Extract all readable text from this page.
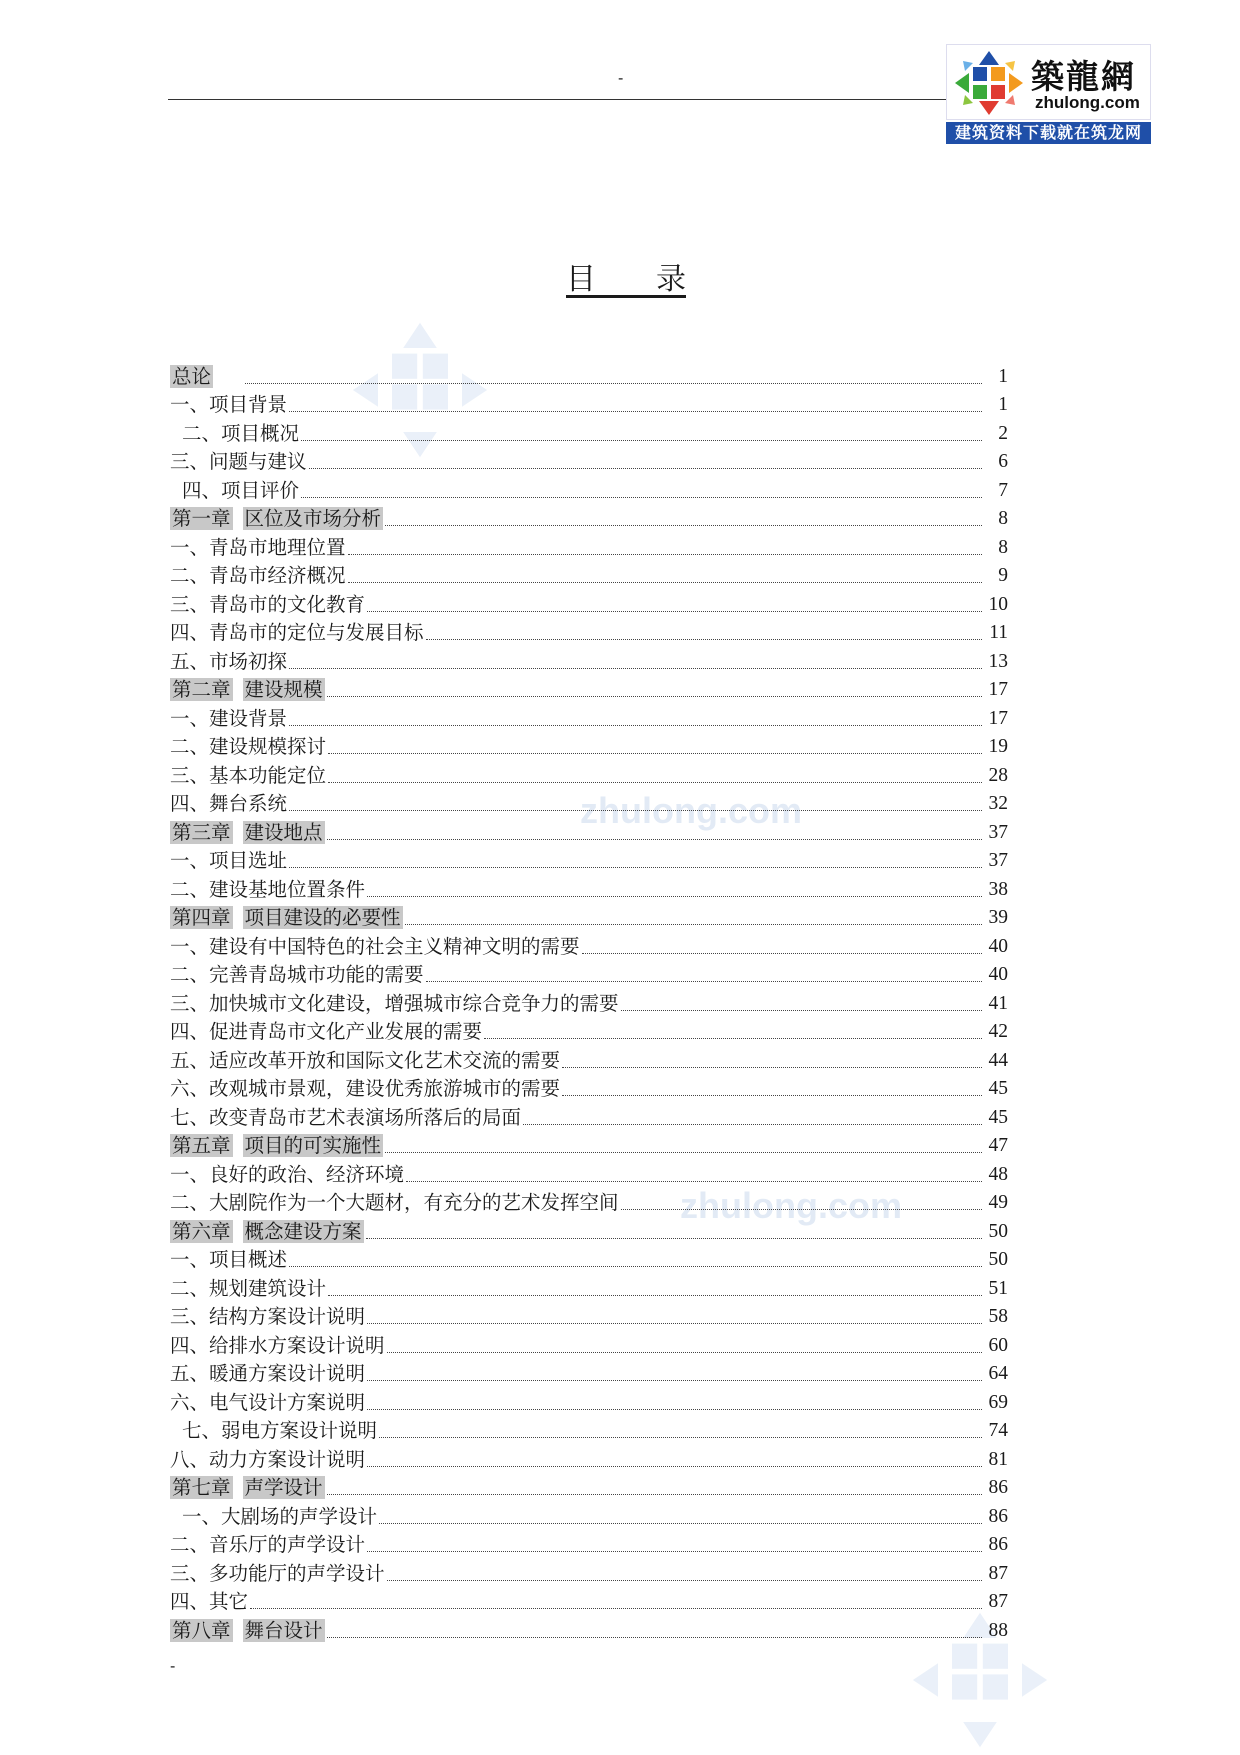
-	築龍網
zhulong.com
建筑资料下载就在筑龙网
zhulong.com
zhulong.com
目　　录
总论	1
一、项目背景	1
二、项目概况	2
三、问题与建议	6
四、项目评价	7
第一章 区位及市场分析	8
一、青岛市地理位置	8
二、青岛市经济概况	9
三、青岛市的文化教育	10
四、青岛市的定位与发展目标	11
五、市场初探	13
第二章 建设规模	17
一、建设背景	17
二、建设规模探讨	19
三、基本功能定位	28
四、舞台系统	32
第三章 建设地点	37
一、项目选址	37
二、建设基地位置条件	38
第四章 项目建设的必要性	39
一、建设有中国特色的社会主义精神文明的需要	40
二、完善青岛城市功能的需要	40
三、加快城市文化建设，增强城市综合竞争力的需要	41
四、促进青岛市文化产业发展的需要	42
五、适应改革开放和国际文化艺术交流的需要	44
六、改观城市景观，建设优秀旅游城市的需要	45
七、改变青岛市艺术表演场所落后的局面	45
第五章 项目的可实施性	47
一、良好的政治、经济环境	48
二、大剧院作为一个大题材，有充分的艺术发挥空间	49
第六章 概念建设方案	50
一、项目概述	50
二、规划建筑设计	51
三、结构方案设计说明	58
四、给排水方案设计说明	60
五、暖通方案设计说明	64
六、电气设计方案说明	69
七、弱电方案设计说明	74
八、动力方案设计说明	81
第七章 声学设计	86
一、大剧场的声学设计	86
二、音乐厅的声学设计	86
三、多功能厅的声学设计	87
四、其它	87
第八章 舞台设计	88
-
